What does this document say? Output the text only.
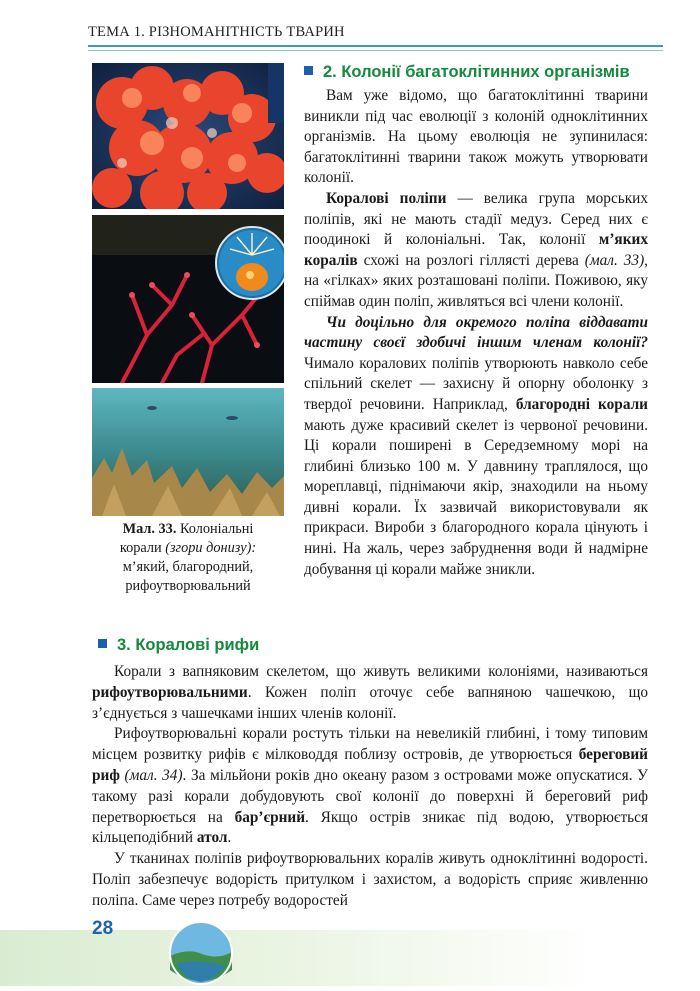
ТЕМА 1. РІЗНОМАНІТНІСТЬ ТВАРИН
Мал. 33. Колоніальні
корали (згори донизу):
м’який, благородний,
рифоутворювальний
2. Колонії багатоклітинних організмів

Вам уже відомо, що багатоклітинні тварини виникли під час еволюції з колоній одноклітинних організмів. На цьому еволюція не зупинилася: багатоклітинні тварини також можуть утворювати колонії.

Коралові поліпи — велика група морських поліпів, які не мають стадії медуз. Серед них є поодинокі й колоніальні. Так, колонії м’яких коралів схожі на розлогі гіллясті дерева (мал. 33), на «гілках» яких розташовані поліпи. Поживою, яку спіймав один поліп, живляться всі члени колонії.

Чи доцільно для окремого поліпа віддавати частину своєї здобичі іншим членам колонії? Чимало коралових поліпів утворюють навколо себе спільний скелет — захисну й опорну оболонку з твердої речовини. Наприклад, благородні корали мають дуже красивий скелет із червоної речовини. Ці корали поширені в Середземному морі на глибині близько 100 м. У давнину траплялося, що мореплавці, піднімаючи якір, знаходили на ньому дивні корали. Їх зазвичай використовували як прикраси. Вироби з благородного корала цінують і нині. На жаль, через забруднення води й надмірне добування ці корали майже зникли.

3. Коралові рифи

Корали з вапняковим скелетом, що живуть великими колоніями, називаються рифоутворювальними. Кожен поліп оточує себе вапняною чашечкою, що з’єднується з чашечками інших членів колонії.

Рифоутворювальні корали ростуть тільки на невеликій глибині, і тому типовим місцем розвитку рифів є мілководдя поблизу островів, де утворюється береговий риф (мал. 34). За мільйони років дно океану разом з островами може опускатися. У такому разі корали добудовують свої колонії до поверхні й береговий риф перетворюється на бар’єрний. Якщо острів зникає під водою, утворюється кільцеподібний атол.

У тканинах поліпів рифоутворювальних коралів живуть одноклітинні водорості. Поліп забезпечує водорість притулком і захистом, а водорість сприяє живленню поліпа. Саме через потребу водоростей

28
